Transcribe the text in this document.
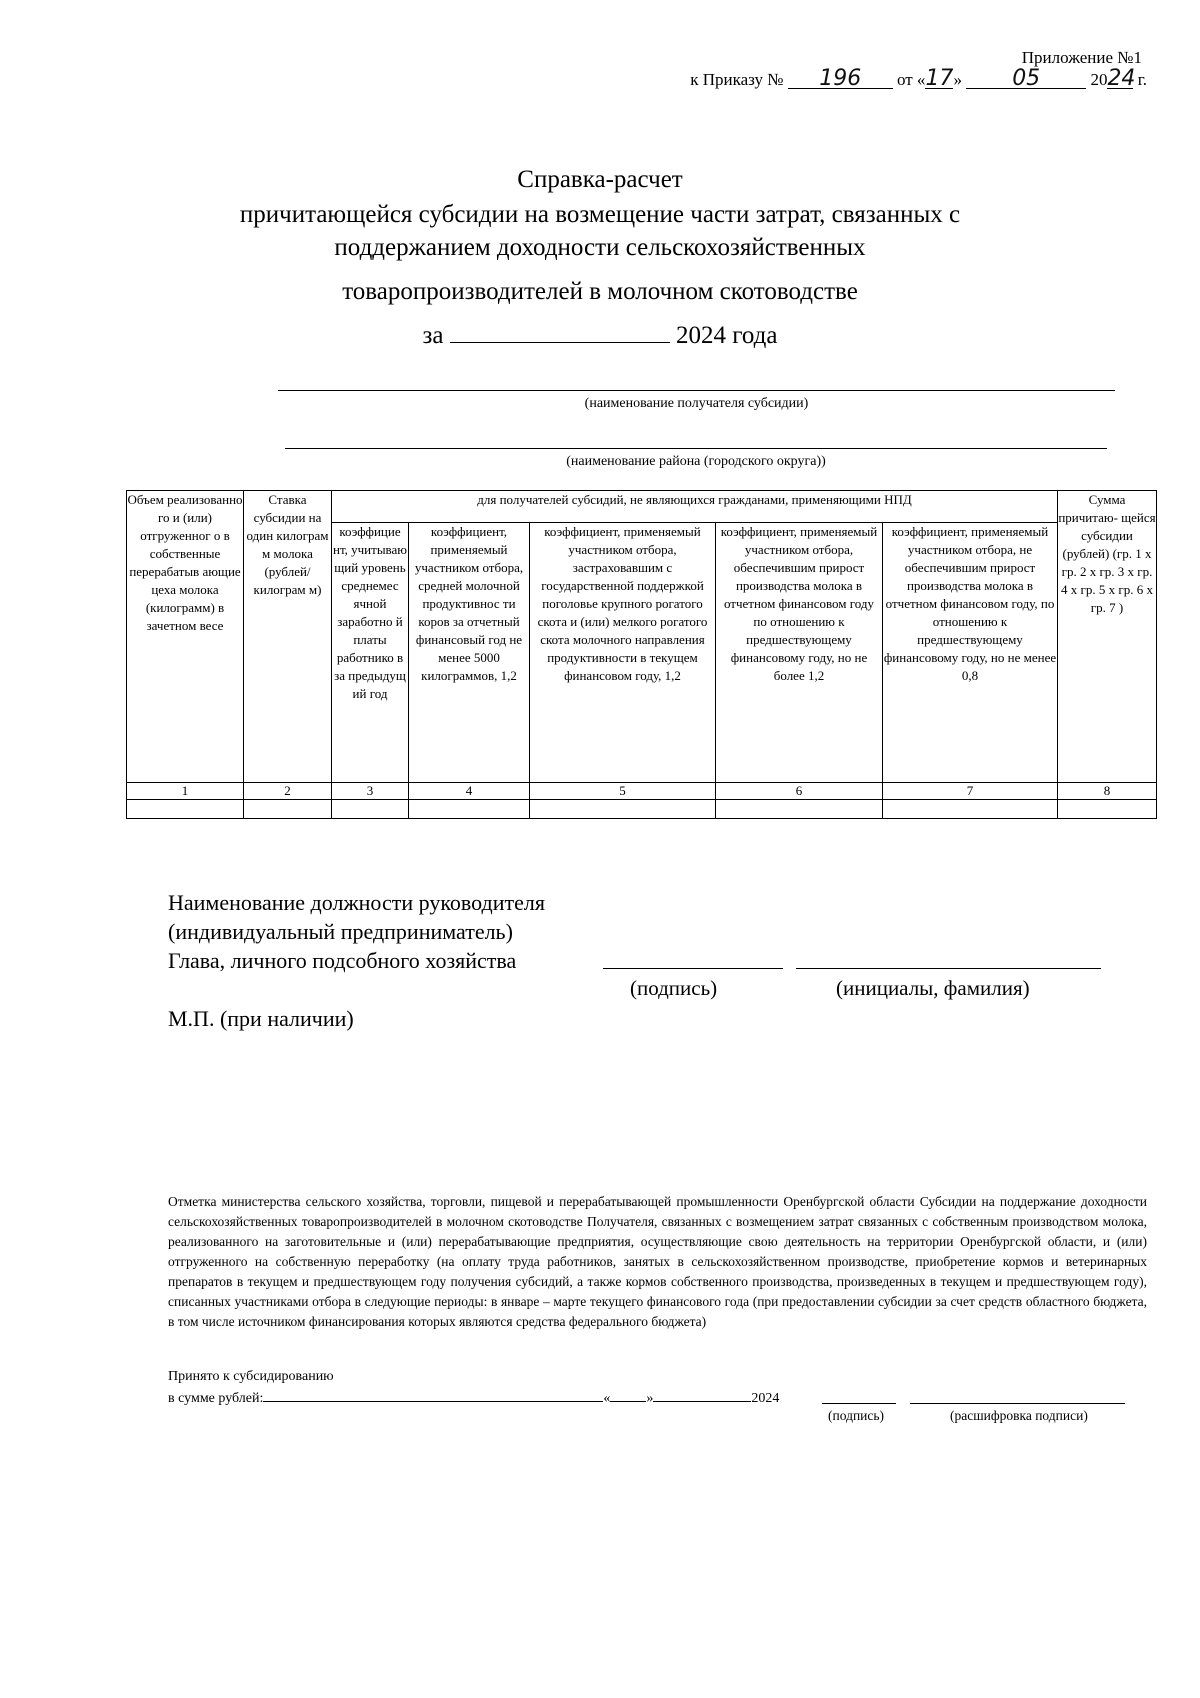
Приложение №1
к Приказу № 196 от «17» 05	2024 г.
Справка-расчет
причитающейся субсидии на возмещение части затрат, связанных с
поддержанием доходности сельскохозяйственных
товаропроизводителей в молочном скотоводстве
за	2024 года
(наименование получателя субсидии)
(наименование района (городского округа))
Объем реализованно го и (или) отгруженног о в собственные перерабатыв ающие цеха молока (килограмм) в зачетном весе	Ставка субсидии на один килограм м молока (рублей/ килограм м)	для получателей субсидий, не являющихся гражданами, применяющими НПД					Сумма причитаю- щейся субсидии (рублей) (гр. 1 х гр. 2 х гр. 3 х гр. 4 х гр. 5 х гр. 6 х гр. 7 )
		коэффицие нт, учитываю щий уровень среднемес ячной заработно й платы работнико в за предыдущ ий год	коэффициент, применяемый участником отбора, средней молочной продуктивнос ти коров за отчетный финансовый год не менее 5000 килограммов, 1,2	коэффициент, применяемый участником отбора, застраховавшим с государственной поддержкой поголовье крупного рогатого скота и (или) мелкого рогатого скота молочного направления продуктивности в текущем финансовом году, 1,2	коэффициент, применяемый участником отбора, обеспечившим прирост производства молока в отчетном финансовом году по отношению к предшествующему финансовому году, но не более 1,2	коэффициент, применяемый участником отбора, не обеспечившим прирост производства молока в отчетном финансовом году, по отношению к предшествующему финансовому году, но не менее 0,8	
1	2	3	4	5	6	7	8

Наименование должности руководителя
(индивидуальный предприниматель)
Глава, личного подсобного хозяйства
(подпись)	(инициалы, фамилия)
М.П. (при наличии)
Отметка министерства сельского хозяйства, торговли, пищевой и перерабатывающей промышленности Оренбургской области Субсидии на поддержание доходности сельскохозяйственных товаропроизводителей в молочном скотоводстве Получателя, связанных с возмещением затрат связанных с собственным производством молока, реализованного на заготовительные и (или) перерабатывающие предприятия, осуществляющие свою деятельность на территории Оренбургской области, и (или) отгруженного на собственную переработку (на оплату труда работников, занятых в сельскохозяйственном производстве, приобретение кормов и ветеринарных препаратов в текущем и предшествующем году получения субсидий, а также кормов собственного производства, произведенных в текущем и предшествующем году), списанных участниками отбора в следующие периоды: в январе – марте текущего финансового года (при предоставлении субсидии за счет средств областного бюджета, в том числе источником финансирования которых являются средства федерального бюджета)
Принято к субсидированию
в сумме рублей:	«	»	2024
(подпись)	(расшифровка подписи)
